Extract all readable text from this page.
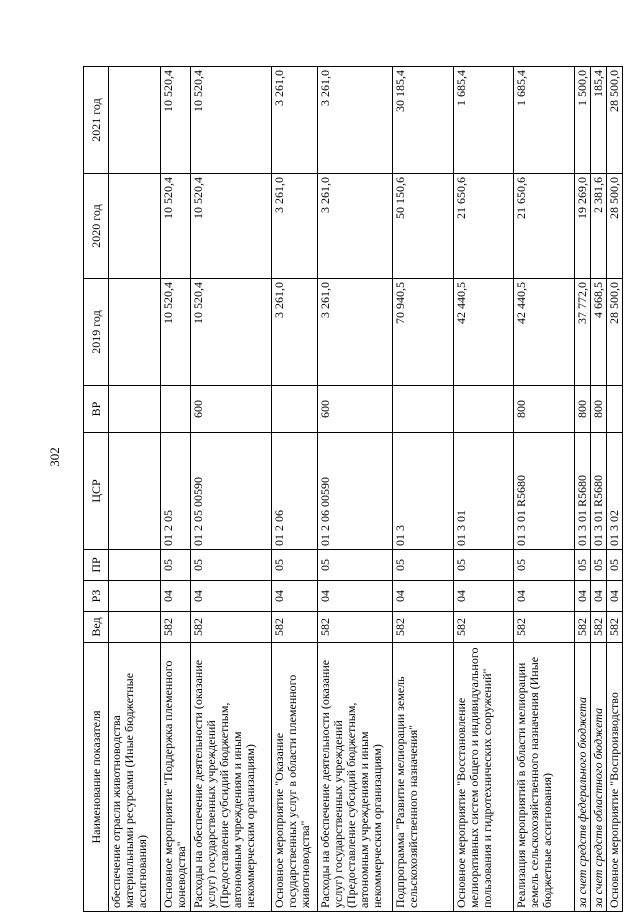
302
Наименование показателя	Вед	РЗ	ПР	ЦСР	ВР	2019 год	2020 год	2021 год
обеспечение отрасли животноводства материальными ресурсами (Иные бюджетные ассигнования)								
Основное мероприятие "Поддержка племенного коневодства"	582	04	05	01 2 05		10 520,4	10 520,4	10 520,4
Расходы на обеспечение деятельности (оказание услуг) государственных учреждений (Предоставление субсидий бюджетным, автономным учреждениям и иным некоммерческим организациям)	582	04	05	01 2 05 00590	600	10 520,4	10 520,4	10 520,4
Основное мероприятие "Оказание государственных услуг в области племенного животноводства"	582	04	05	01 2 06		3 261,0	3 261,0	3 261,0
Расходы на обеспечение деятельности (оказание услуг) государственных учреждений (Предоставление субсидий бюджетным, автономным учреждениям и иным некоммерческим организациям)	582	04	05	01 2 06 00590	600	3 261,0	3 261,0	3 261,0
Подпрограмма "Развитие мелиорации земель сельскохозяйственного назначения"	582	04	05	01 3		70 940,5	50 150,6	30 185,4
Основное мероприятие "Восстановление мелиоративных систем общего и индивидуального пользования и гидротехнических сооружений"	582	04	05	01 3 01		42 440,5	21 650,6	1 685,4
Реализация мероприятий в области мелиорации земель сельскохозяйственного назначения (Иные бюджетные ассигнования)	582	04	05	01 3 01 R5680	800	42 440,5	21 650,6	1 685,4
за счет средств федерального бюджета	582	04	05	01 3 01 R5680	800	37 772,0	19 269,0	1 500,0
за счет средств областного бюджета	582	04	05	01 3 01 R5680	800	4 668,5	2 381,6	185,4
Основное мероприятие "Воспроизводство	582	04	05	01 3 02		28 500,0	28 500,0	28 500,0
